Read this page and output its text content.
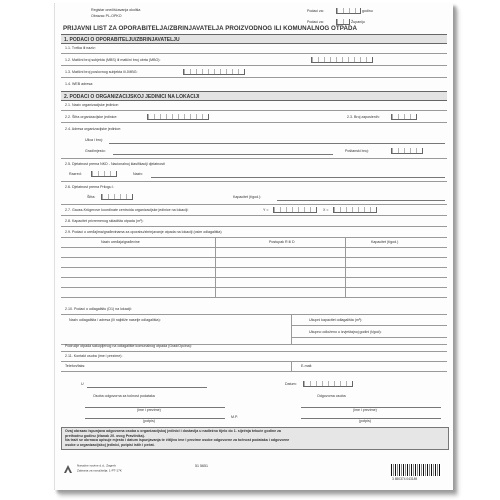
Registar onečišćavanja okoliša
Obrazac PL-OPKO
Podaci za:	godinu
Podaci za:	Županiju
PRIJAVNI LIST ZA OPORABITELJA/ZBRINJAVATELJA PROIZVODNOG ILI KOMUNALNOG OTPADA
1. PODACI O OPORABITELJU/ZBRINJAVATELJU
1.1. Tvrtka ili naziv:
1.2. Matični broj subjekta (MBS) ili matični broj obrta (MBO):
1.3. Matični broj poslovnog subjekta ili JMBG:
1.4. WEB adresa:
2. PODACI O ORGANIZACIJSKOJ JEDINICI NA LOKACIJI
2.1. Naziv organizacijske jedinice:
2.2. Šifra organizacijske jedinice:	2.3. Broj zaposlenih:
2.4. Adresa organizacijske jedinice:
Ulica i broj:
Grad/mjesto:	Poštanski broj:
2.5. Djelatnost prema NKD - Nacionalnoj klasifikaciji djelatnosti
Razred:	Naziv:
2.6. Djelatnost prema Prilogu I.
Šifra:	Kapacitet (t/god.):
2.7. Gauss-Krügerove koordinate centroida organizacijske jedinice na lokaciji:	Y =	X =
2.8. Kapacitet privremenog skladišta otpada (m³):
2.9. Podaci o uređajima/građevinama za oporabu/zbrinjavanje otpada na lokaciji (osim odlagališta)
Naziv uređaja/građevine	Postupak R ili D	Kapacitet (t/god.)
2.10. Podaci o odlagalištu (D1) na lokaciji:
Naziv odlagališta / adresa (ili najbliže naselje odlagališta):	Ukupni kapacitet odlagališta (m³):
Ukupno odloženo u izvještajnoj godini (t/god):
Područje otpada sakupljenog na odlagalište komunalnog otpada (Grad/Općina):
2.11. Kontakt osoba (ime i prezime):
Telefon/faks:	E-mail:
U	Datum:
Osoba odgovorna za točnost podataka	Odgovorna osoba
(ime i prezime)	(ime i prezime)
M.P.
(potpis)	(potpis)
Ovaj obrazac ispunjava odgovorna osoba u organizacijskoj jedinici i dostavlja u nadležno tijelo do 1. siječnja tekuće godine za
prethodnu godinu (članak 20. ovog Pravilnika).
Na traži se obrnaca upisuje mjesto i datum ispunjavanja te čitljivo ime i prezime osobe odgovorne za točnost podataka i odgovorne
osobe u organizacijskoj jedinici, potpisi istih i pečat.
Narodne novine d.d., Zagreb
Zabrana za naručitelja: 1-PT-17K
51 5651
3 850374 043189
